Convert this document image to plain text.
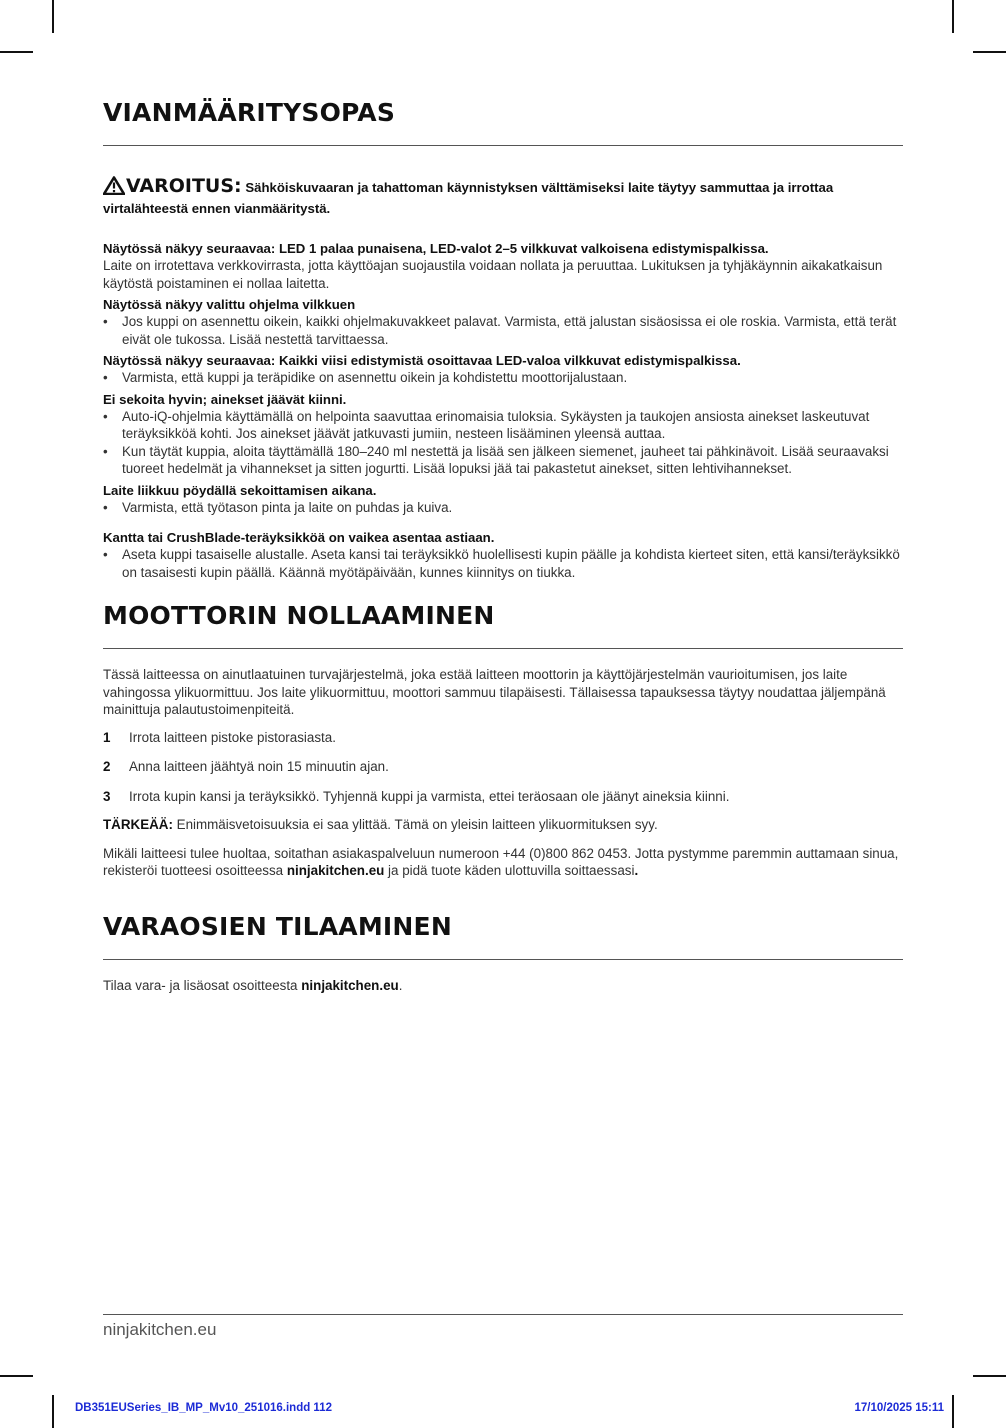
VIANMÄÄRITYSOPAS
VAROITUS: Sähköiskuvaaran ja tahattoman käynnistyksen välttämiseksi laite täytyy sammuttaa ja irrottaa virtalähteestä ennen vianmääritystä.
Näytössä näkyy seuraavaa: LED 1 palaa punaisena, LED-valot 2–5 vilkkuvat valkoisena edistymispalkissa.
Laite on irrotettava verkkovirrasta, jotta käyttöajan suojaustila voidaan nollata ja peruuttaa. Lukituksen ja tyhjäkäynnin aikakatkaisun käytöstä poistaminen ei nollaa laitetta.
Näytössä näkyy valittu ohjelma vilkkuen
• Jos kuppi on asennettu oikein, kaikki ohjelmakuvakkeet palavat. Varmista, että jalustan sisäosissa ei ole roskia. Varmista, että terät eivät ole tukossa. Lisää nestettä tarvittaessa.
Näytössä näkyy seuraavaa: Kaikki viisi edistymistä osoittavaa LED-valoa vilkkuvat edistymispalkissa.
• Varmista, että kuppi ja teräpidike on asennettu oikein ja kohdistettu moottorijalustaan.
Ei sekoita hyvin; ainekset jäävät kiinni.
• Auto-iQ-ohjelmia käyttämällä on helpointa saavuttaa erinomaisia tuloksia. Sykäysten ja taukojen ansiosta ainekset laskeutuvat teräyksikköä kohti. Jos ainekset jäävät jatkuvasti jumiin, nesteen lisääminen yleensä auttaa.
• Kun täytät kuppia, aloita täyttämällä 180–240 ml nestettä ja lisää sen jälkeen siemenet, jauheet tai pähkinävoit. Lisää seuraavaksi tuoreet hedelmät ja vihannekset ja sitten jogurtti. Lisää lopuksi jää tai pakastetut ainekset, sitten lehtivihannekset.
Laite liikkuu pöydällä sekoittamisen aikana.
• Varmista, että työtason pinta ja laite on puhdas ja kuiva.
Kantta tai CrushBlade-teräyksikköä on vaikea asentaa astiaan.
• Aseta kuppi tasaiselle alustalle. Aseta kansi tai teräyksikkö huolellisesti kupin päälle ja kohdista kierteet siten, että kansi/teräyksikkö on tasaisesti kupin päällä. Käännä myötäpäivään, kunnes kiinnitys on tiukka.
MOOTTORIN NOLLAAMINEN
Tässä laitteessa on ainutlaatuinen turvajärjestelmä, joka estää laitteen moottorin ja käyttöjärjestelmän vaurioitumisen, jos laite vahingossa ylikuormittuu. Jos laite ylikuormittuu, moottori sammuu tilapäisesti. Tällaisessa tapauksessa täytyy noudattaa jäljempänä mainittuja palautustoimenpiteitä.
1 Irrota laitteen pistoke pistorasiasta.
2 Anna laitteen jäähtyä noin 15 minuutin ajan.
3 Irrota kupin kansi ja teräyksikkö. Tyhjennä kuppi ja varmista, ettei teräosaan ole jäänyt aineksia kiinni.
TÄRKEÄÄ: Enimmäisvetoisuuksia ei saa ylittää. Tämä on yleisin laitteen ylikuormituksen syy.
Mikäli laitteesi tulee huoltaa, soitathan asiakaspalveluun numeroon +44 (0)800 862 0453. Jotta pystymme paremmin auttamaan sinua, rekisteröi tuotteesi osoitteessa ninjakitchen.eu ja pidä tuote käden ulottuvilla soittaessasi.
VARAOSIEN TILAAMINEN
Tilaa vara- ja lisäosat osoitteesta ninjakitchen.eu.
ninjakitchen.eu
DB351EUSeries_IB_MP_Mv10_251016.indd 112	17/10/2025 15:11
